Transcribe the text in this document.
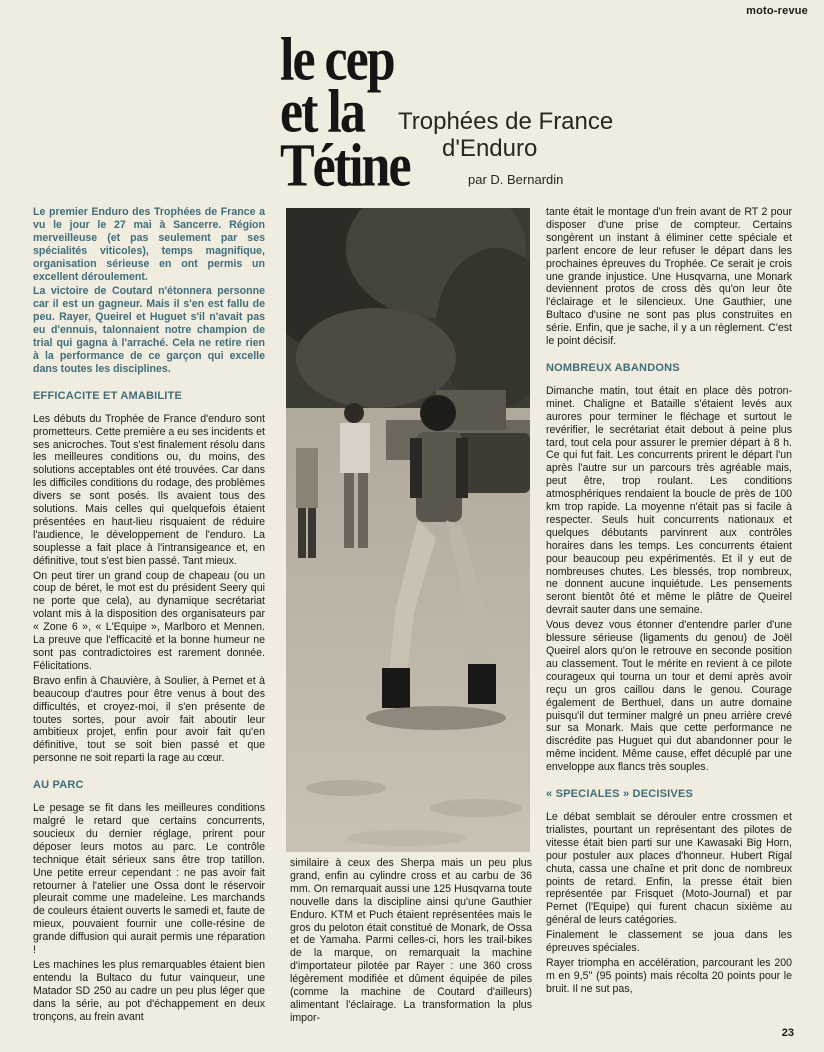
moto-revue
le cep
et la
Tétine
Trophées de France
d'Enduro
par D. Bernardin

Le premier Enduro des Trophées de France a vu le jour le 27 mai à Sancerre. Région merveilleuse (et pas seulement par ses spécialités viticoles), temps magnifique, organisation sérieuse en ont permis un excellent déroulement.

La victoire de Coutard n'étonnera personne car il est un gagneur. Mais il s'en est fallu de peu. Rayer, Queirel et Huguet s'il n'avait pas eu d'ennuis, talonnaient notre champion de trial qui gagna à l'arraché. Cela ne retire rien à la performance de ce garçon qui excelle dans toutes les disciplines.

EFFICACITE ET AMABILITE

Les débuts du Trophée de France d'enduro sont prometteurs. Cette première a eu ses incidents et ses anicroches. Tout s'est finalement résolu dans les meilleures conditions ou, du moins, des solutions acceptables ont été trouvées. Car dans les difficiles conditions du rodage, des problèmes divers se sont posés. Ils avaient tous des solutions. Mais celles qui quelquefois étaient présentées en haut-lieu risquaient de réduire l'audience, le développement de l'enduro. La souplesse a fait place à l'intransigeance et, en définitive, tout s'est bien passé. Tant mieux.

On peut tirer un grand coup de chapeau (ou un coup de béret, le mot est du président Seery qui ne porte que cela), au dynamique secrétariat volant mis à la disposition des organisateurs par « Zone 6 », « L'Equipe », Marlboro et Mennen. La preuve que l'efficacité et la bonne humeur ne sont pas contradictoires est rarement donnée. Félicitations.

Bravo enfin à Chauvière, à Soulier, à Pernet et à beaucoup d'autres pour être venus à bout des difficultés, et croyez-moi, il s'en présente de toutes sortes, pour avoir fait aboutir leur ambitieux projet, enfin pour avoir fait qu'en définitive, tout se soit bien passé et que personne ne soit reparti la rage au cœur.

AU PARC

Le pesage se fit dans les meilleures conditions malgré le retard que certains concurrents, soucieux du dernier réglage, prirent pour déposer leurs motos au parc. Le contrôle technique était sérieux sans être trop tatillon. Une petite erreur cependant : ne pas avoir fait retourner à l'atelier une Ossa dont le réservoir pleurait comme une madeleine. Les marchands de couleurs étaient ouverts le samedi et, faute de mieux, pouvaient fournir une colle-résine de grande diffusion qui aurait permis une réparation !

Les machines les plus remarquables étaient bien entendu la Bultaco du futur vainqueur, une Matador SD 250 au cadre un peu plus léger que dans la série, au pot d'échappement en deux tronçons, au frein avant

similaire à ceux des Sherpa mais un peu plus grand, enfin au cylindre cross et au carbu de 36 mm. On remarquait aussi une 125 Husqvarna toute nouvelle dans la discipline ainsi qu'une Gauthier Enduro. KTM et Puch étaient représentées mais le gros du peloton était constitué de Monark, de Ossa et de Yamaha. Parmi celles-ci, hors les trail-bikes de la marque, on remarquait la machine d'importateur pilotée par Rayer : une 360 cross légèrement modifiée et dûment équipée de piles (comme la machine de Coutard d'ailleurs) alimentant l'éclairage. La transformation la plus impor-

tante était le montage d'un frein avant de RT 2 pour disposer d'une prise de compteur. Certains songèrent un instant à éliminer cette spéciale et parlent encore de leur refuser le départ dans les prochaines épreuves du Trophée. Ce serait je crois une grande injustice. Une Husqvarna, une Monark deviennent protos de cross dès qu'on leur ôte l'éclairage et le silencieux. Une Gauthier, une Bultaco d'usine ne sont pas plus construites en série. Enfin, que je sache, il y a un règlement. C'est le point décisif.

NOMBREUX ABANDONS

Dimanche matin, tout était en place dès potron-minet. Chaligne et Bataille s'étaient levés aux aurores pour terminer le fléchage et surtout le revérifier, le secrétariat était debout à peine plus tard, tout cela pour assurer le premier départ à 8 h. Ce qui fut fait. Les concurrents prirent le départ l'un après l'autre sur un parcours très agréable mais, peut être, trop roulant. Les conditions atmosphériques rendaient la boucle de près de 100 km trop rapide. La moyenne n'était pas si facile à respecter. Seuls huit concurrents nationaux et quelques débutants parvinrent aux contrôles horaires dans les temps. Les concurrents étaient pour beaucoup peu expérimentés. Et il y eut de nombreuses chutes. Les blessés, trop nombreux, ne donnent aucune inquiétude. Les pensements seront bientôt ôté et même le plâtre de Queirel devrait sauter dans une semaine.

Vous devez vous étonner d'entendre parler d'une blessure sérieuse (ligaments du genou) de Joël Queirel alors qu'on le retrouve en seconde position au classement. Tout le mérite en revient à ce pilote courageux qui tourna un tour et demi après avoir reçu un gros caillou dans le genou. Courage également de Berthuel, dans un autre domaine puisqu'il dut terminer malgré un pneu arrière crevé sur sa Monark. Mais que cette performance ne discrédite pas Huguet qui dut abandonner pour le même incident. Même cause, effet décuplé par une enveloppe aux flancs très souples.

« SPECIALES » DECISIVES

Le débat semblait se dérouler entre crossmen et trialistes, pourtant un représentant des pilotes de vitesse était bien parti sur une Kawasaki Big Horn, pour postuler aux places d'honneur. Hubert Rigal chuta, cassa une chaîne et prit donc de nombreux points de retard. Enfin, la presse était bien représentée par Frisquet (Moto-Journal) et par Pernet (l'Equipe) qui furent chacun sixième au général de leurs catégories.

Finalement le classement se joua dans les épreuves spéciales.

Rayer triompha en accélération, parcourant les 200 m en 9,5'' (95 points) mais récolta 20 points pour le bruit. Il ne sut pas,

23
